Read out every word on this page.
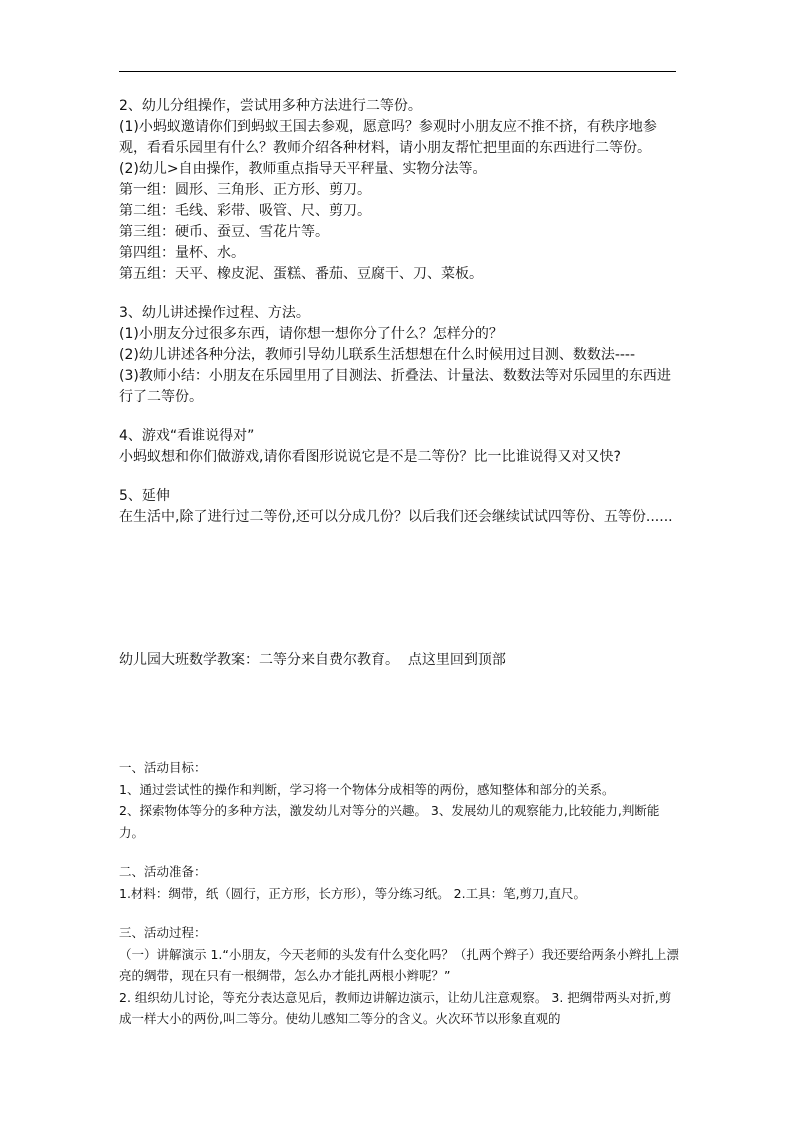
2、幼儿分组操作，尝试用多种方法进行二等份。

(1)小蚂蚁邀请你们到蚂蚁王国去参观，愿意吗？参观时小朋友应不推不挤，有秩序地参观，看看乐园里有什么？教师介绍各种材料，请小朋友帮忙把里面的东西进行二等份。

(2)幼儿>自由操作，教师重点指导天平秤量、实物分法等。

第一组：圆形、三角形、正方形、剪刀。

第二组：毛线、彩带、吸管、尺、剪刀。

第三组：硬币、蚕豆、雪花片等。

第四组：量杯、水。

第五组：天平、橡皮泥、蛋糕、番茄、豆腐干、刀、菜板。

3、幼儿讲述操作过程、方法。

(1)小朋友分过很多东西，请你想一想你分了什么？怎样分的？

(2)幼儿讲述各种分法，教师引导幼儿联系生活想想在什么时候用过目测、数数法----

(3)教师小结：小朋友在乐园里用了目测法、折叠法、计量法、数数法等对乐园里的东西进行了二等份。

4、游戏“看谁说得对”

小蚂蚁想和你们做游戏,请你看图形说说它是不是二等份？比一比谁说得又对又快?

5、延伸

在生活中,除了进行过二等份,还可以分成几份？以后我们还会继续试试四等份、五等份......

幼儿园大班数学教案：二等分来自费尔教育。 点这里回到顶部

一、活动目标：

1、通过尝试性的操作和判断，学习将一个物体分成相等的两份，感知整体和部分的关系。

2、探索物体等分的多种方法，激发幼儿对等分的兴趣。 3、发展幼儿的观察能力,比较能力,判断能力。

二、活动准备：

1.材料：绸带，纸（圆行，正方形，长方形），等分练习纸。 2.工具：笔,剪刀,直尺。

三、活动过程：

（一）讲解演示 1.“小朋友，今天老师的头发有什么变化吗？（扎两个辫子）我还要给两条小辫扎上漂亮的绸带，现在只有一根绸带，怎么办才能扎两根小辫呢？”

2. 组织幼儿讨论，等充分表达意见后，教师边讲解边演示，让幼儿注意观察。 3. 把绸带两头对折,剪成一样大小的两份,叫二等分。使幼儿感知二等分的含义。火次环节以形象直观的
